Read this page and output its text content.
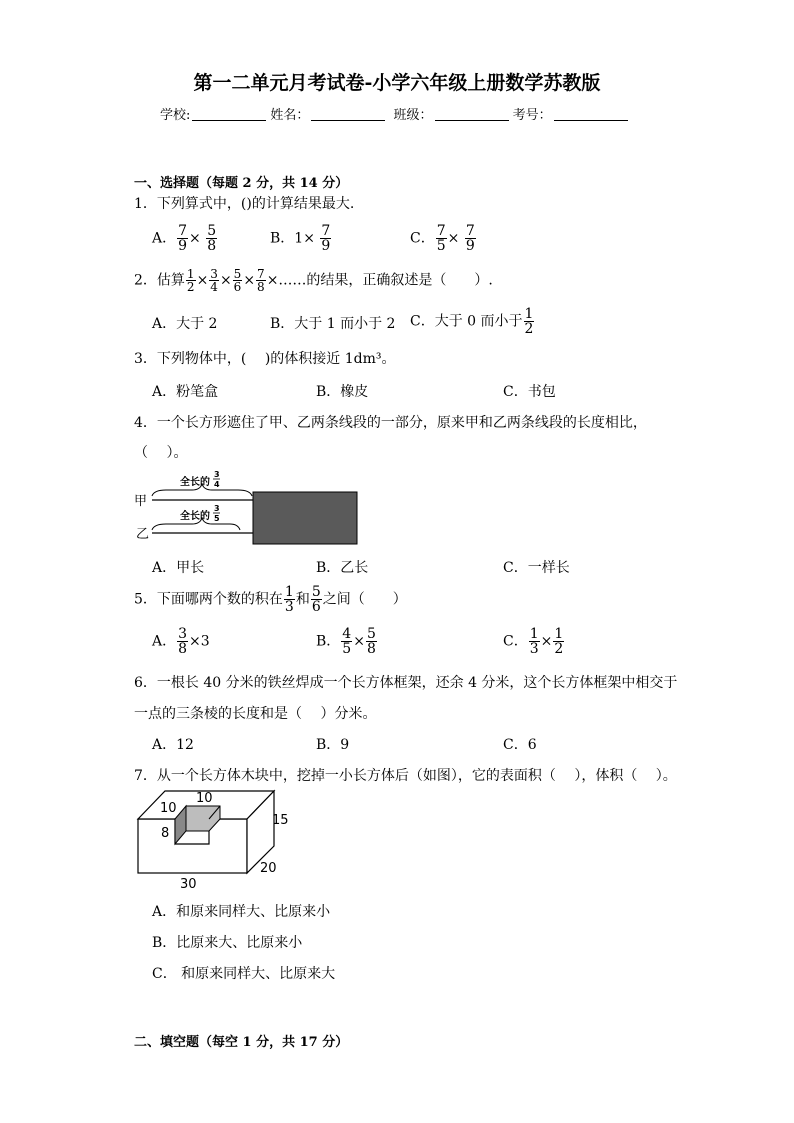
第一二单元月考试卷-小学六年级上册数学苏教版
学校:	姓名：	班级：	考号：
一、选择题（每题 2 分，共 14 分）
1．下列算式中，()的计算结果最大.
A． $\frac{7}{9} \times \frac{5}{8}$	B．$1\times \frac{7}{9}$	C． $\frac{7}{5} \times \frac{7}{9}$
2．估算 $\frac{1}{2} \times \frac{3}{4} \times \frac{5}{6} \times \frac{7}{8}$ ×……的结果，正确叙述是（　　）.
A．大于 2	B．大于 1 而小于 2 C．大于 0 而小于 $\frac{1}{2}$
3．下列物体中，(　 )的体积接近 1dm³。
A．粉笔盒	B．橡皮	C．书包
4．一个长方形遮住了甲、乙两条线段的一部分，原来甲和乙两条线段的长度相比，
（　 ）。
甲
乙
全长的
3
4
全长的
3
5
A．甲长	B．乙长	C．一样长
5．下面哪两个数的积在 $\frac{1}{3}$ 和 $\frac{5}{6}$ 之间（　　）
A． $\frac{3}{8} \times 3$	B． $\frac{4}{5} \times \frac{5}{8}$	C． $\frac{1}{3} \times \frac{1}{2}$
6．一根长 40 分米的铁丝焊成一个长方体框架，还余 4 分米，这个长方体框架中相交于
一点的三条棱的长度和是（　 ）分米。
A．12	B．9	C．6
7．从一个长方体木块中，挖掉一小长方体后（如图），它的表面积（　 ），体积（　 ）。
10
10
8
15
20
30
A．和原来同样大、比原来小
B．比原来大、比原来小
C． 和原来同样大、比原来大
二、填空题（每空 1 分，共 17 分）
